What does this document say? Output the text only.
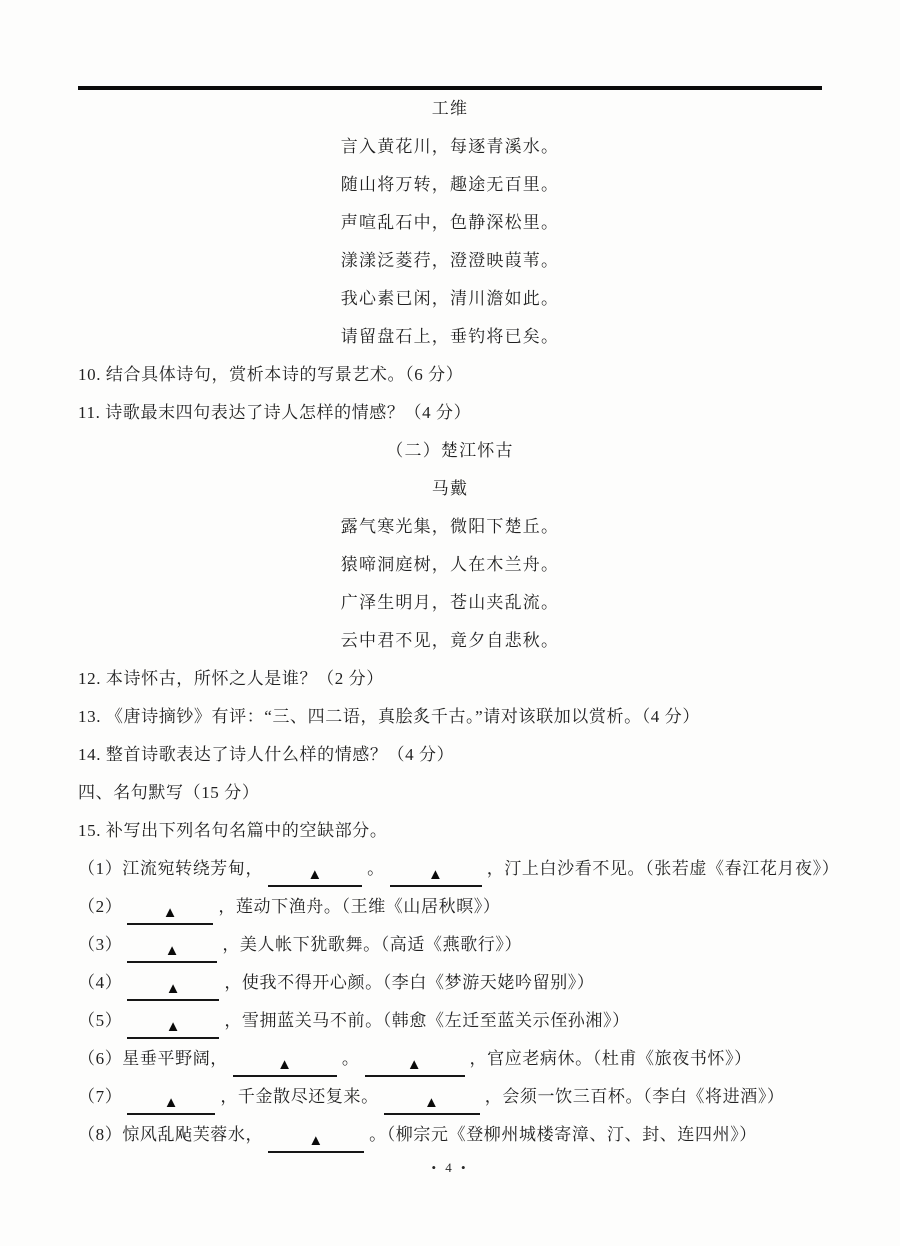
工维
言入黄花川，每逐青溪水。
随山将万转，趣途无百里。
声喧乱石中，色静深松里。
漾漾泛菱荇，澄澄映葭苇。
我心素已闲，清川澹如此。
请留盘石上，垂钓将已矣。
10. 结合具体诗句，赏析本诗的写景艺术。（6 分）
11. 诗歌最末四句表达了诗人怎样的情感？（4 分）
（二）楚江怀古
马戴
露气寒光集，微阳下楚丘。
猿啼洞庭树，人在木兰舟。
广泽生明月，苍山夹乱流。
云中君不见，竟夕自悲秋。
12. 本诗怀古，所怀之人是谁？（2 分）
13. 《唐诗摘钞》有评：“三、四二语，真脍炙千古。”请对该联加以赏析。（4 分）
14. 整首诗歌表达了诗人什么样的情感？（4 分）
四、名句默写（15 分）
15. 补写出下列名句名篇中的空缺部分。
（1）江流宛转绕芳甸，	▲	。	▲	，汀上白沙看不见。（张若虚《春江花月夜》）
（2）	▲ ，莲动下渔舟。（王维《山居秋暝》）
（3）	▲ ，美人帐下犹歌舞。（高适《燕歌行》）
（4）	▲	，使我不得开心颜。（李白《梦游天姥吟留别》）
（5）	▲	，雪拥蓝关马不前。（韩愈《左迁至蓝关示侄孙湘》）
（6）星垂平野阔，	▲	。	▲	，官应老病休。（杜甫《旅夜书怀》）
（7）	▲ ，千金散尽还复来。	▲	，会须一饮三百杯。（李白《将进酒》）
（8）惊风乱飐芙蓉水，	▲	。（柳宗元《登柳州城楼寄漳、汀、封、连四州》）
• 4 •
